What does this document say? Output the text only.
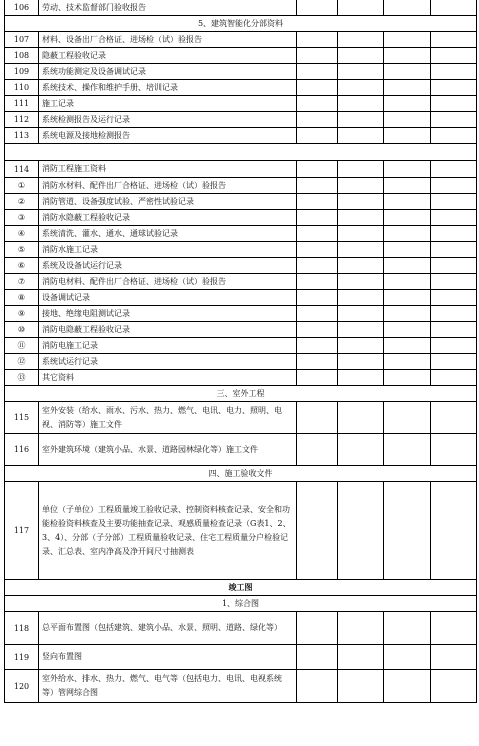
106	劳动、技术监督部门验收报告				
5、建筑智能化分部资料					
107	材料、设备出厂合格证、进场检（试）验报告				
108	隐蔽工程验收记录				
109	系统功能测定及设备调试记录				
110	系统技术、操作和维护手册、培训记录				
111	施工记录				
112	系统检测报告及运行记录				
113	系统电源及接地检测报告				

114	消防工程施工资料				
①	消防水材料、配件出厂合格证、进场检（试）验报告				
②	消防管道、设备强度试验、严密性试验记录				
③	消防水隐蔽工程验收记录				
④	系统清洗、灌水、通水、通球试验记录				
⑤	消防水施工记录				
⑥	系统及设备试运行记录				
⑦	消防电材料、配件出厂合格证、进场检（试）验报告				
⑧	设备调试记录				
⑨	接地、绝缘电阻测试记录				
⑩	消防电隐蔽工程验收记录				
⑪	消防电施工记录				
⑫	系统试运行记录				
⑬	其它资料				
三、室外工程					
115	室外安装（给水、雨水、污水、热力、燃气、电讯、电力、照明、电视、消防等）施工文件				
116	室外建筑环境（建筑小品、水景、道路园林绿化等）施工文件				
四、施工验收文件					
117	单位（子单位）工程质量竣工验收记录、控制资料核查记录、安全和功能检验资料核查及主要功能抽查记录、观感质量检查记录（G表1、2、3、4）、分部（子分部）工程质量验收记录、住宅工程质量分户检验记录、汇总表、室内净高及净开间尺寸抽测表				
竣工图					
1、综合图					
118	总平面布置图（包括建筑、建筑小品、水景、照明、道路、绿化等）				
119	竖向布置图				
120	室外给水、排水、热力、燃气、电气等（包括电力、电讯、电视系统等）管网综合图				
